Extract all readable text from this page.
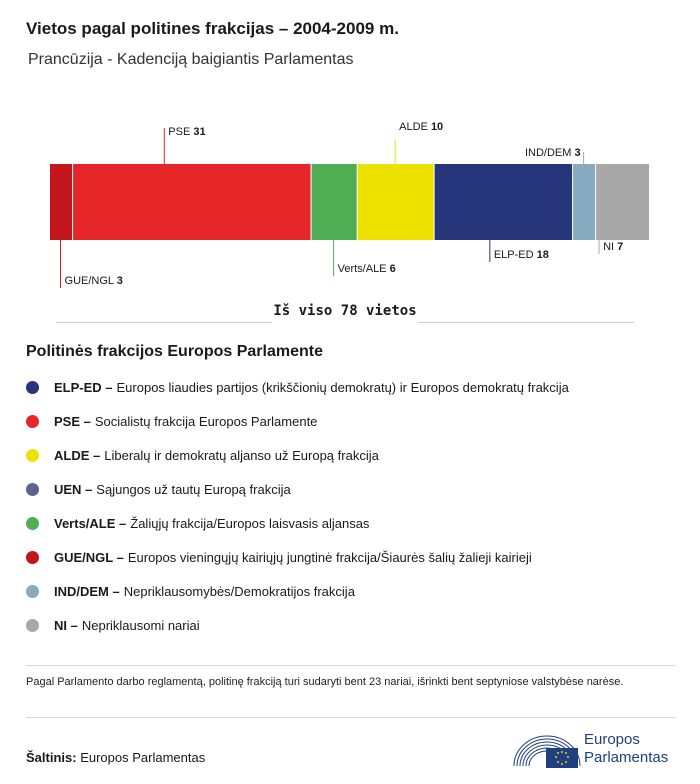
Vietos pagal politines frakcijas – 2004-2009 m.
Prancūzija - Kadenciją baigiantis Parlamentas
GUE/NGL 3
PSE 31
Verts/ALE 6
ALDE 10
ELP-ED 18
IND/DEM 3
NI 7
Iš viso 78 vietos
Politinės frakcijos Europos Parlamente
ELP-ED – Europos liaudies partijos (krikščionių demokratų) ir Europos demokratų frakcija
PSE – Socialistų frakcija Europos Parlamente
ALDE – Liberalų ir demokratų aljanso už Europą frakcija
UEN – Sąjungos už tautų Europą frakcija
Verts/ALE – Žaliųjų frakcija/Europos laisvasis aljansas
GUE/NGL – Europos vieningųjų kairiųjų jungtinė frakcija/Šiaurės šalių žalieji kairieji
IND/DEM – Nepriklausomybės/Demokratijos frakcija
NI – Nepriklausomi nariai
Pagal Parlamento darbo reglamentą, politinę frakciją turi sudaryti bent 23 nariai, išrinkti bent septyniose valstybėse narėse.
Šaltinis: Europos Parlamentas
Europos
Parlamentas
